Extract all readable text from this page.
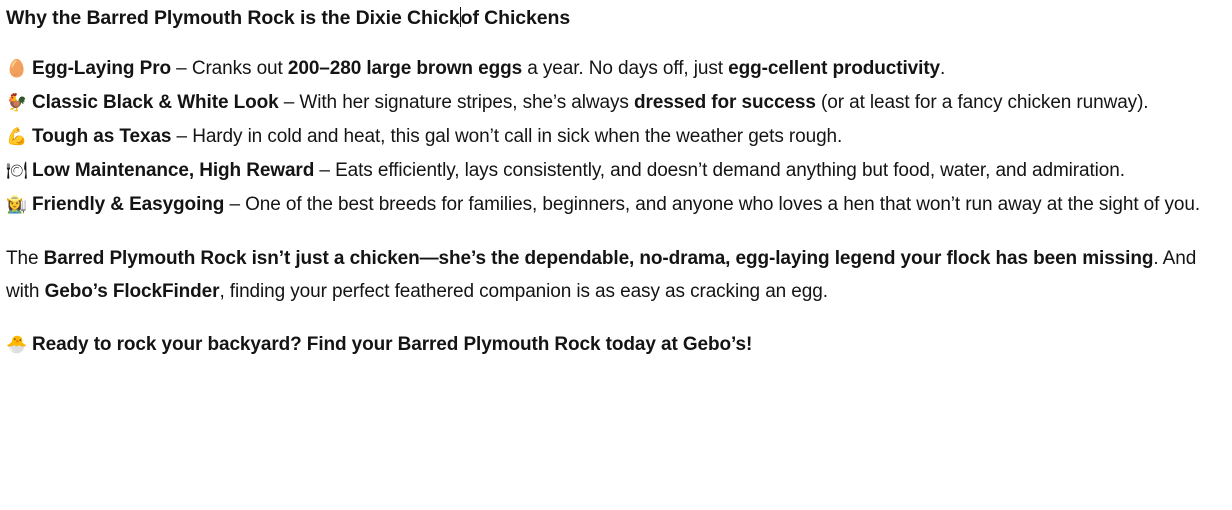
Why the Barred Plymouth Rock is the Dixie Chickof Chickens
🥚 Egg-Laying Pro – Cranks out 200–280 large brown eggs a year. No days off, just egg-cellent productivity.
🐓 Classic Black & White Look – With her signature stripes, she’s always dressed for success (or at least for a fancy chicken runway).
💪 Tough as Texas – Hardy in cold and heat, this gal won’t call in sick when the weather gets rough.
🍽 Low Maintenance, High Reward – Eats efficiently, lays consistently, and doesn’t demand anything but food, water, and admiration.
👩‍🌾 Friendly & Easygoing – One of the best breeds for families, beginners, and anyone who loves a hen that won’t run away at the sight of you.

The Barred Plymouth Rock isn’t just a chicken—she’s the dependable, no-drama, egg-laying legend your flock has been missing. And with Gebo’s FlockFinder, finding your perfect feathered companion is as easy as cracking an egg.

🐣 Ready to rock your backyard? Find your Barred Plymouth Rock today at Gebo’s!
